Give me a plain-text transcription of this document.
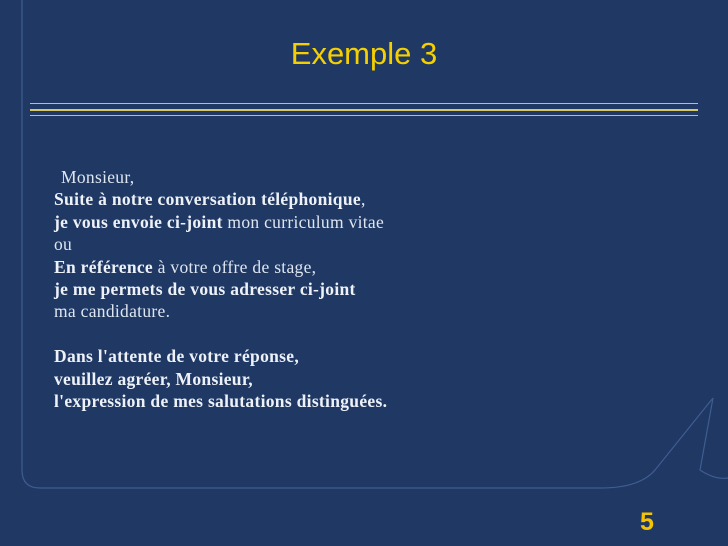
Exemple 3
Monsieur,
Suite à notre conversation téléphonique,
je vous envoie ci-joint mon curriculum vitae
ou
En référence à votre offre de stage,
je me permets de vous adresser ci-joint
ma candidature.
Dans l'attente de votre réponse,
veuillez agréer, Monsieur,
l'expression de mes salutations distinguées.
5
